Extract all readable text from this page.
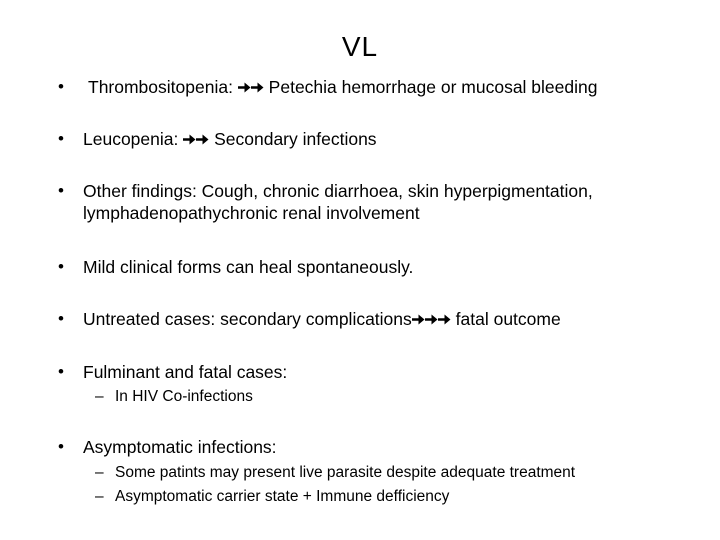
VL
• Thrombositopenia:
Petechia hemorrhage or mucosal bleeding
• Leucopenia:
Secondary infections
• Other findings: Cough, chronic diarrhoea, skin hyperpigmentation,
lymphadenopathychronic renal involvement
• Mild clinical forms can heal spontaneously.
• Untreated cases: secondary complications
fatal outcome
• Fulminant and fatal cases:
– In HIV Co-infections
• Asymptomatic infections:
– Some patints may present live parasite despite adequate treatment
– Asymptomatic carrier state + Immune defficiency
